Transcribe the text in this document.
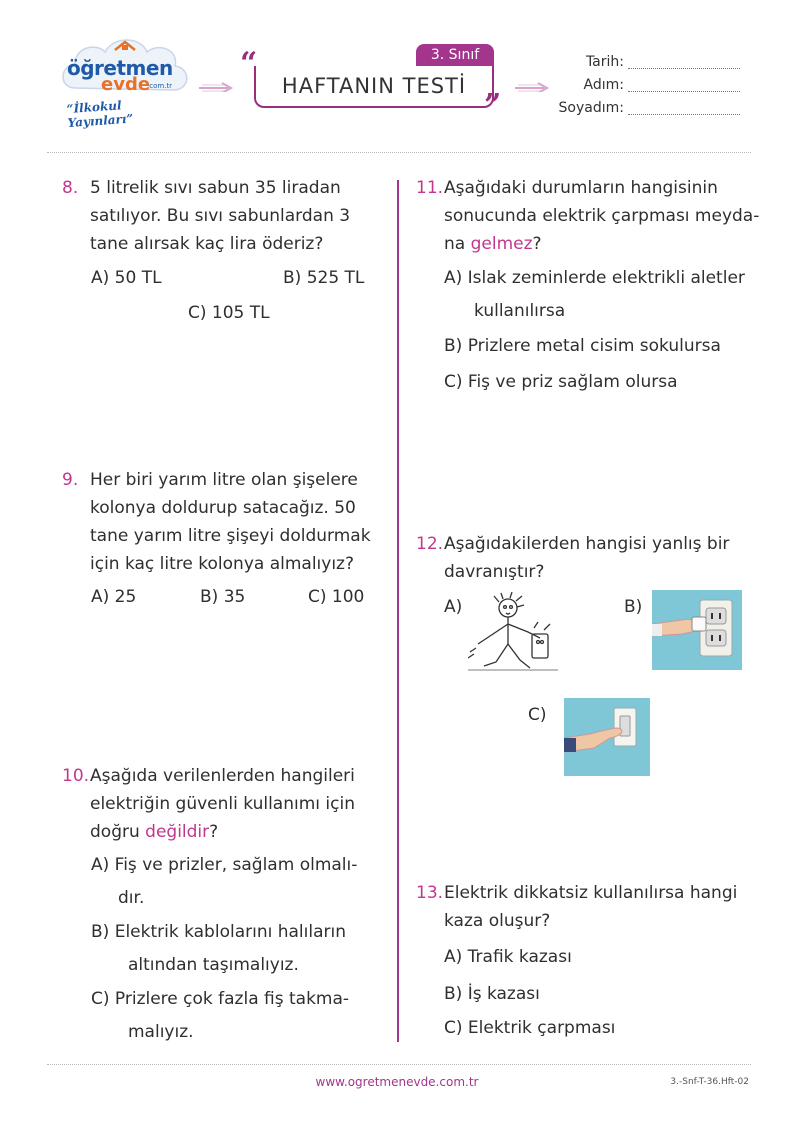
öğretmen
evde
.com.tr
“İlkokul Yayınları”
“	3. Sınıf
HAFTANIN TESTİ
”
Tarih:
Adım:
Soyadım:
8. 5 litrelik sıvı sabun 35 liradan
satılıyor. Bu sıvı sabunlardan 3
tane alırsak kaç lira öderiz?
A) 50 TL	B) 525 TL
C) 105 TL
9. Her biri yarım litre olan şişelere
kolonya doldurup satacağız. 50
tane yarım litre şişeyi doldurmak
için kaç litre kolonya almalıyız?
A) 25	B) 35	C) 100
10. Aşağıda verilenlerden hangileri
elektriğin güvenli kullanımı için
doğru değildir?
A) Fiş ve prizler, sağlam olmalı-
dır.
B) Elektrik kablolarını halıların
altından taşımalıyız.
C) Prizlere çok fazla fiş takma-
malıyız.
11. Aşağıdaki durumların hangisinin
sonucunda elektrik çarpması meyda-
na gelmez?
A) Islak zeminlerde elektrikli aletler
kullanılırsa
B) Prizlere metal cisim sokulursa
C) Fiş ve priz sağlam olursa
12. Aşağıdakilerden hangisi yanlış bir
davranıştır?
A)	B)
C)
13. Elektrik dikkatsiz kullanılırsa hangi
kaza oluşur?
A) Trafik kazası
B) İş kazası
C) Elektrik çarpması
www.ogretmenevde.com.tr	3.-Snf-T-36.Hft-02
